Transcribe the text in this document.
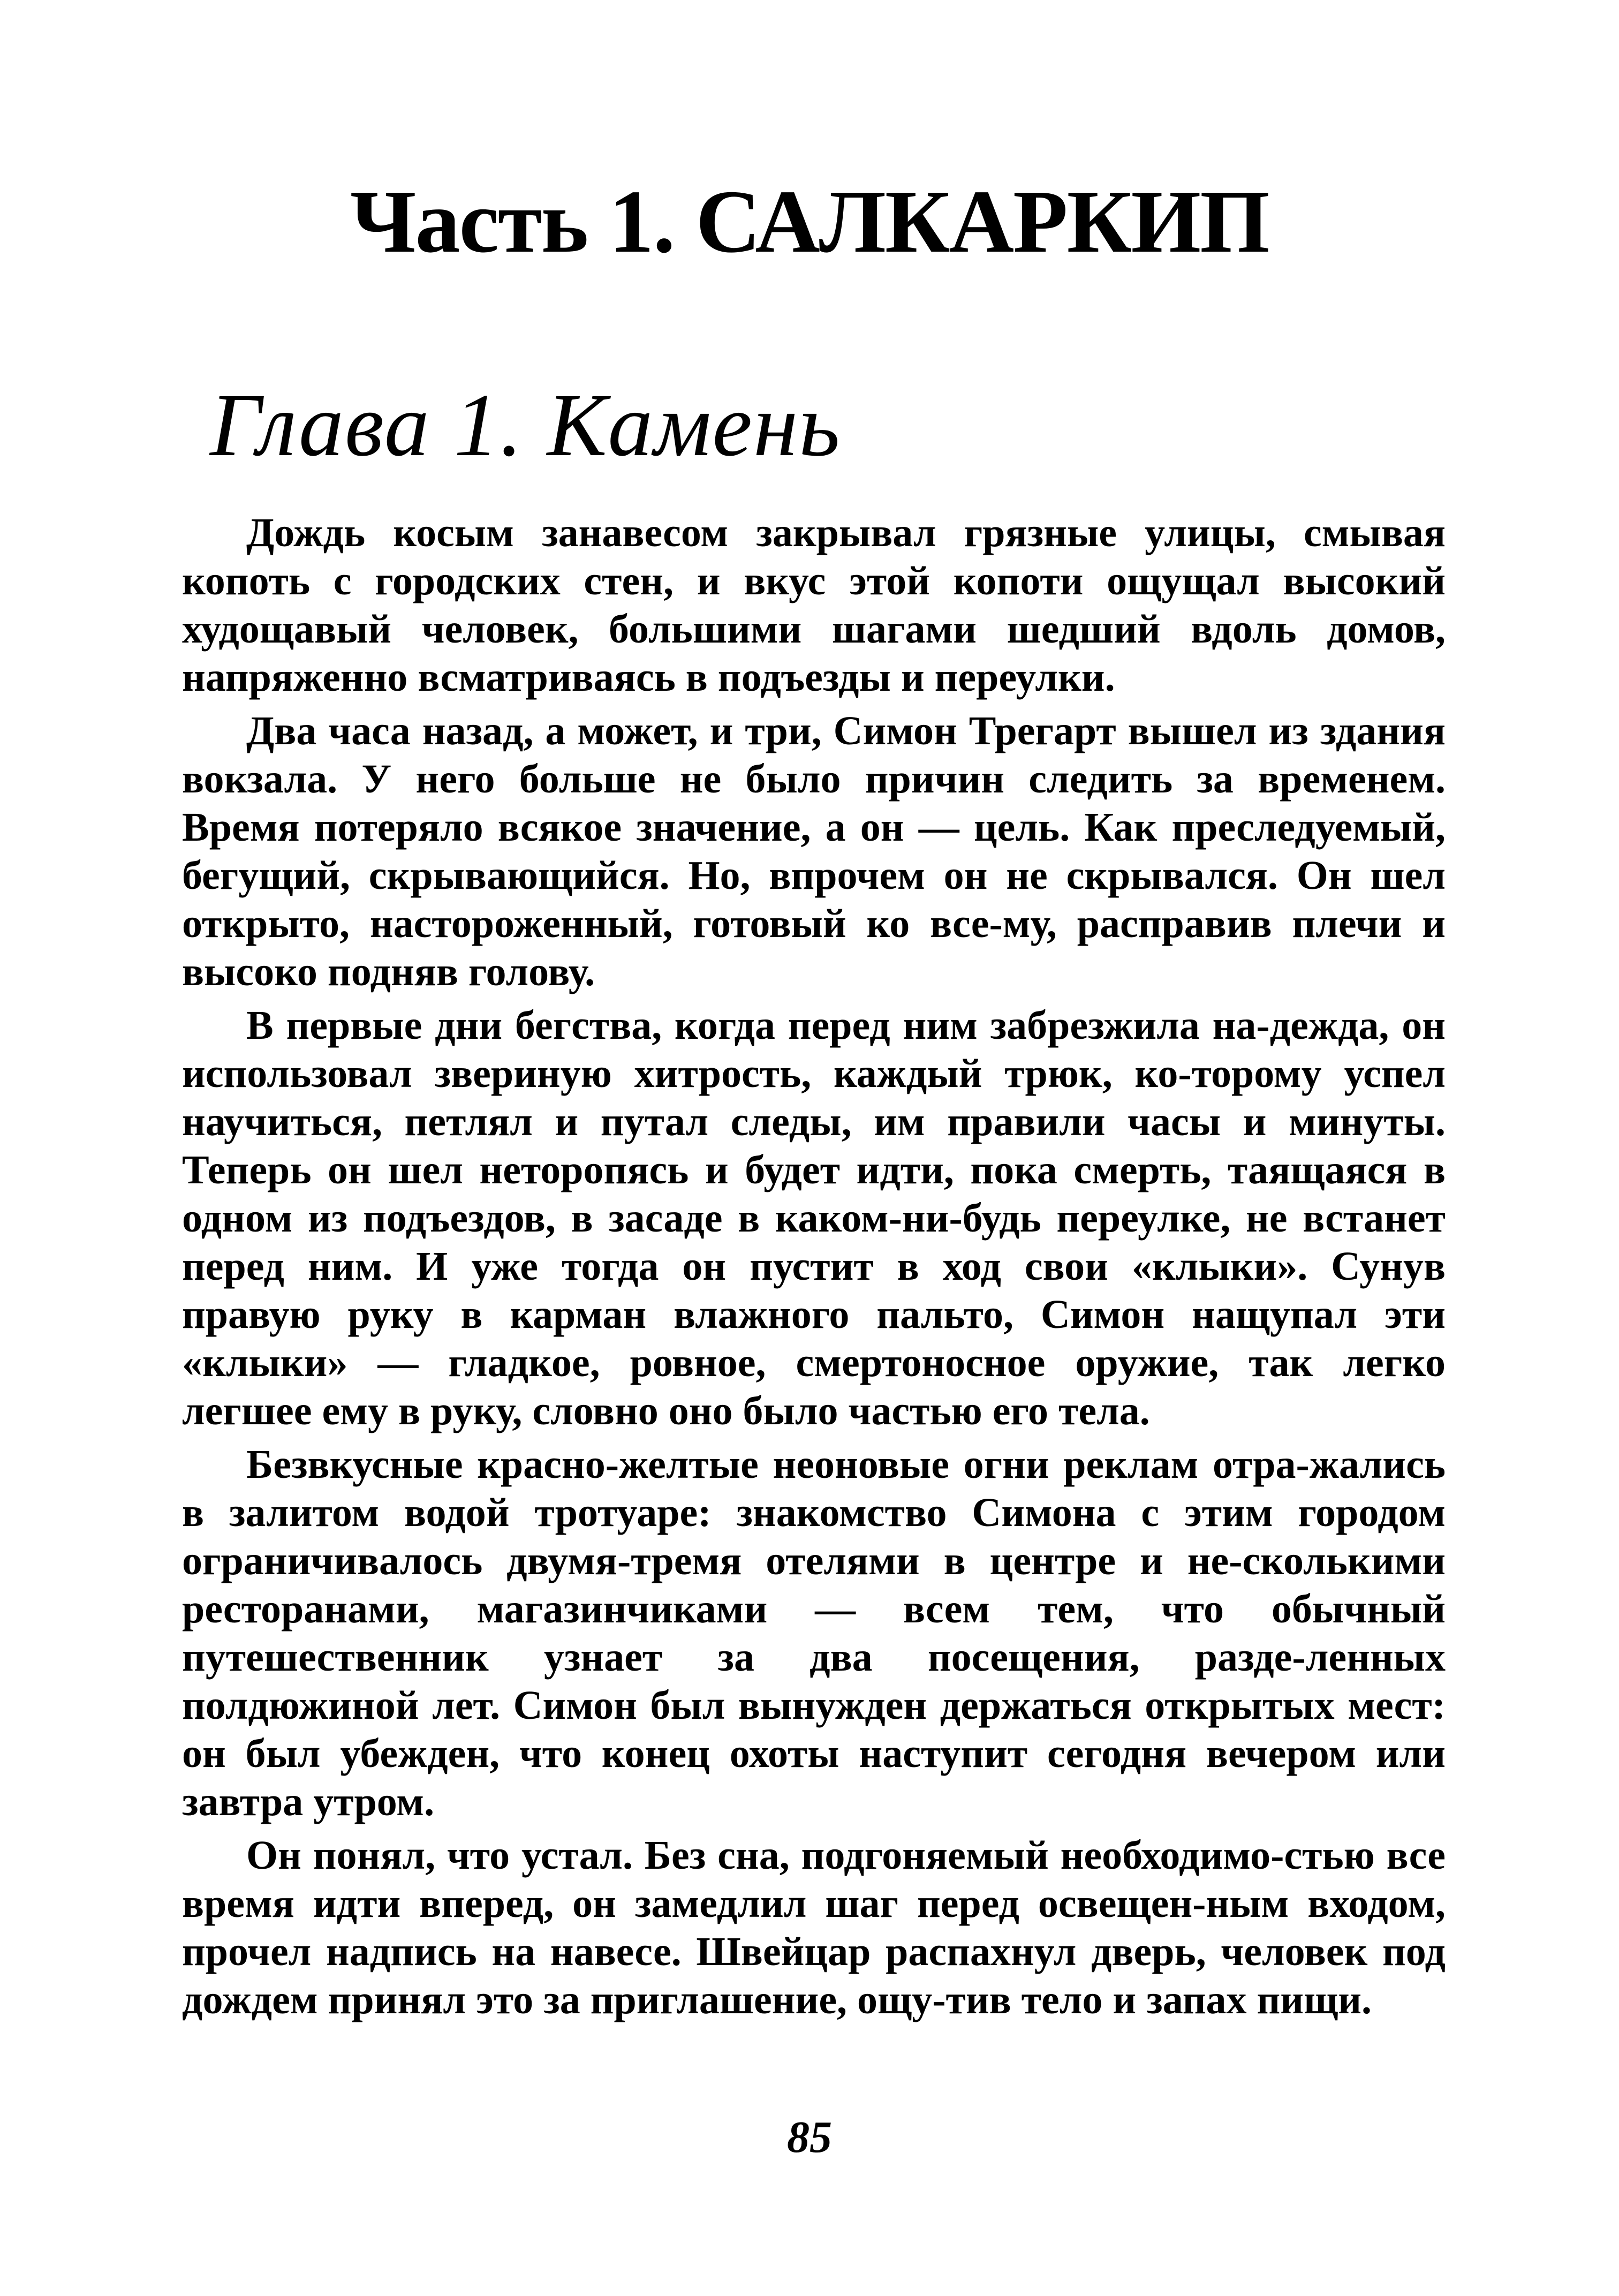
Часть 1. САЛКАРКИП
Глава 1. Камень

Дождь косым занавесом закрывал грязные улицы, смывая копоть с городских стен, и вкус этой копоти ощущал высокий худощавый человек, большими шагами шедший вдоль домов, напряженно всматриваясь в подъезды и переулки.

Два часа назад, а может, и три, Симон Трегарт вышел из здания вокзала. У него больше не было причин следить за временем. Время потеряло всякое значение, а он — цель. Как преследуемый, бегущий, скрывающийся. Но, впрочем он не скрывался. Он шел открыто, настороженный, готовый ко все-му, расправив плечи и высоко подняв голову.

В первые дни бегства, когда перед ним забрезжила на-дежда, он использовал звериную хитрость, каждый трюк, ко-торому успел научиться, петлял и путал следы, им правили часы и минуты. Теперь он шел неторопясь и будет идти, пока смерть, таящаяся в одном из подъездов, в засаде в каком-ни-будь переулке, не встанет перед ним. И уже тогда он пустит в ход свои «клыки». Сунув правую руку в карман влажного пальто, Симон нащупал эти «клыки» — гладкое, ровное, смертоносное оружие, так легко легшее ему в руку, словно оно было частью его тела.

Безвкусные красно-желтые неоновые огни реклам отра-жались в залитом водой тротуаре: знакомство Симона с этим городом ограничивалось двумя-тремя отелями в центре и не-сколькими ресторанами, магазинчиками — всем тем, что обычный путешественник узнает за два посещения, разде-ленных полдюжиной лет. Симон был вынужден держаться открытых мест: он был убежден, что конец охоты наступит сегодня вечером или завтра утром.

Он понял, что устал. Без сна, подгоняемый необходимо-стью все время идти вперед, он замедлил шаг перед освещен-ным входом, прочел надпись на навесе. Швейцар распахнул дверь, человек под дождем принял это за приглашение, ощу-тив тело и запах пищи.

85
